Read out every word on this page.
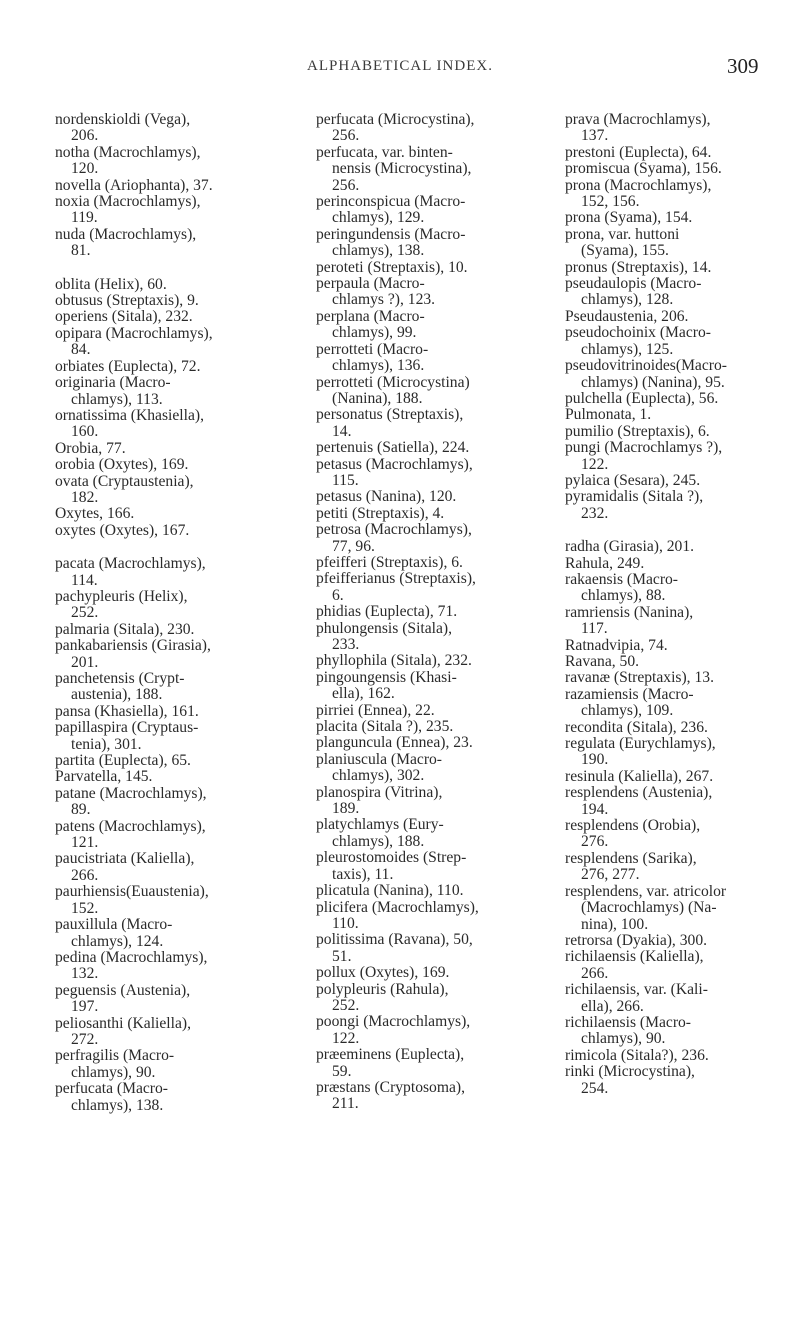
ALPHABETICAL INDEX.	309
nordenskioldi (Vega),
206.
notha (Macrochlamys),
120.
novella (Ariophanta), 37.
noxia (Macrochlamys),
119.
nuda (Macrochlamys),
81.
oblita (Helix), 60.
obtusus (Streptaxis), 9.
operiens (Sitala), 232.
opipara (Macrochlamys),
84.
orbiates (Euplecta), 72.
originaria (Macro-
chlamys), 113.
ornatissima (Khasiella),
160.
Orobia, 77.
orobia (Oxytes), 169.
ovata (Cryptaustenia),
182.
Oxytes, 166.
oxytes (Oxytes), 167.
pacata (Macrochlamys),
114.
pachypleuris (Helix),
252.
palmaria (Sitala), 230.
pankabariensis (Girasia),
201.
panchetensis (Crypt-
austenia), 188.
pansa (Khasiella), 161.
papillaspira (Cryptaus-
tenia), 301.
partita (Euplecta), 65.
Parvatella, 145.
patane (Macrochlamys),
89.
patens (Macrochlamys),
121.
paucistriata (Kaliella),
266.
paurhiensis(Euaustenia),
152.
pauxillula (Macro-
chlamys), 124.
pedina (Macrochlamys),
132.
peguensis (Austenia),
197.
peliosanthi (Kaliella),
272.
perfragilis (Macro-
chlamys), 90.
perfucata (Macro-
chlamys), 138.
perfucata (Microcystina),
256.
perfucata, var. binten-
nensis (Microcystina),
256.
perinconspicua (Macro-
chlamys), 129.
peringundensis (Macro-
chlamys), 138.
peroteti (Streptaxis), 10.
perpaula (Macro-
chlamys ?), 123.
perplana (Macro-
chlamys), 99.
perrotteti (Macro-
chlamys), 136.
perrotteti (Microcystina)
(Nanina), 188.
personatus (Streptaxis),
14.
pertenuis (Satiella), 224.
petasus (Macrochlamys),
115.
petasus (Nanina), 120.
petiti (Streptaxis), 4.
petrosa (Macrochlamys),
77, 96.
pfeifferi (Streptaxis), 6.
pfeifferianus (Streptaxis),
6.
phidias (Euplecta), 71.
phulongensis (Sitala),
233.
phyllophila (Sitala), 232.
pingoungensis (Khasi-
ella), 162.
pirriei (Ennea), 22.
placita (Sitala ?), 235.
planguncula (Ennea), 23.
planiuscula (Macro-
chlamys), 302.
planospira (Vitrina),
189.
platychlamys (Eury-
chlamys), 188.
pleurostomoides (Strep-
taxis), 11.
plicatula (Nanina), 110.
plicifera (Macrochlamys),
110.
politissima (Ravana), 50,
51.
pollux (Oxytes), 169.
polypleuris (Rahula),
252.
poongi (Macrochlamys),
122.
præeminens (Euplecta),
59.
præstans (Cryptosoma),
211.
prava (Macrochlamys),
137.
prestoni (Euplecta), 64.
promiscua (Syama), 156.
prona (Macrochlamys),
152, 156.
prona (Syama), 154.
prona, var. huttoni
(Syama), 155.
pronus (Streptaxis), 14.
pseudaulopis (Macro-
chlamys), 128.
Pseudaustenia, 206.
pseudochoinix (Macro-
chlamys), 125.
pseudovitrinoides(Macro-
chlamys) (Nanina), 95.
pulchella (Euplecta), 56.
Pulmonata, 1.
pumilio (Streptaxis), 6.
pungi (Macrochlamys ?),
122.
pylaica (Sesara), 245.
pyramidalis (Sitala ?),
232.
radha (Girasia), 201.
Rahula, 249.
rakaensis (Macro-
chlamys), 88.
ramriensis (Nanina),
117.
Ratnadvipia, 74.
Ravana, 50.
ravanæ (Streptaxis), 13.
razamiensis (Macro-
chlamys), 109.
recondita (Sitala), 236.
regulata (Eurychlamys),
190.
resinula (Kaliella), 267.
resplendens (Austenia),
194.
resplendens (Orobia),
276.
resplendens (Sarika),
276, 277.
resplendens, var. atricolor
(Macrochlamys) (Na-
nina), 100.
retrorsa (Dyakia), 300.
richilaensis (Kaliella),
266.
richilaensis, var. (Kali-
ella), 266.
richilaensis (Macro-
chlamys), 90.
rimicola (Sitala?), 236.
rinki (Microcystina),
254.
